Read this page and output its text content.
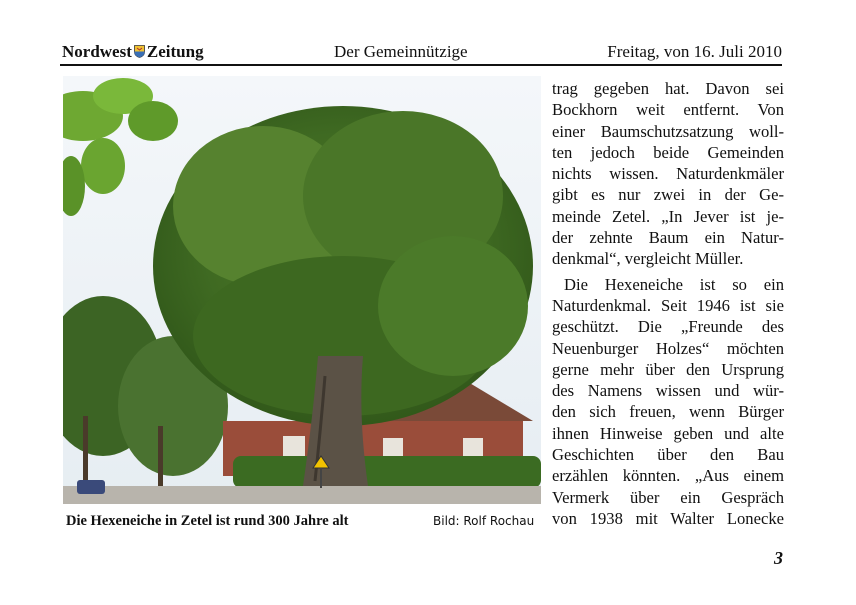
Nordwest Zeitung	Der Gemeinnützige	Freitag, von 16. Juli 2010
Die Hexeneiche in Zetel ist rund 300 Jahre alt	Bild: Rolf Rochau

trag gegeben hat. Davon sei
Bockhorn weit entfernt. Von
einer Baumschutzsatzung woll-
ten jedoch beide Gemeinden
nichts wissen. Naturdenkmäler
gibt es nur zwei in der Ge-
meinde Zetel. „In Jever ist je-
der zehnte Baum ein Natur-
denkmal“, vergleicht Müller.

Die Hexeneiche ist so ein
Naturdenkmal. Seit 1946 ist sie
geschützt. Die „Freunde des
Neuenburger Holzes“ möchten
gerne mehr über den Ursprung
des Namens wissen und wür-
den sich freuen, wenn Bürger
ihnen Hinweise geben und alte
Geschichten über den Bau
erzählen könnten. „Aus einem
Vermerk über ein Gespräch
von 1938 mit Walter Lonecke

3
